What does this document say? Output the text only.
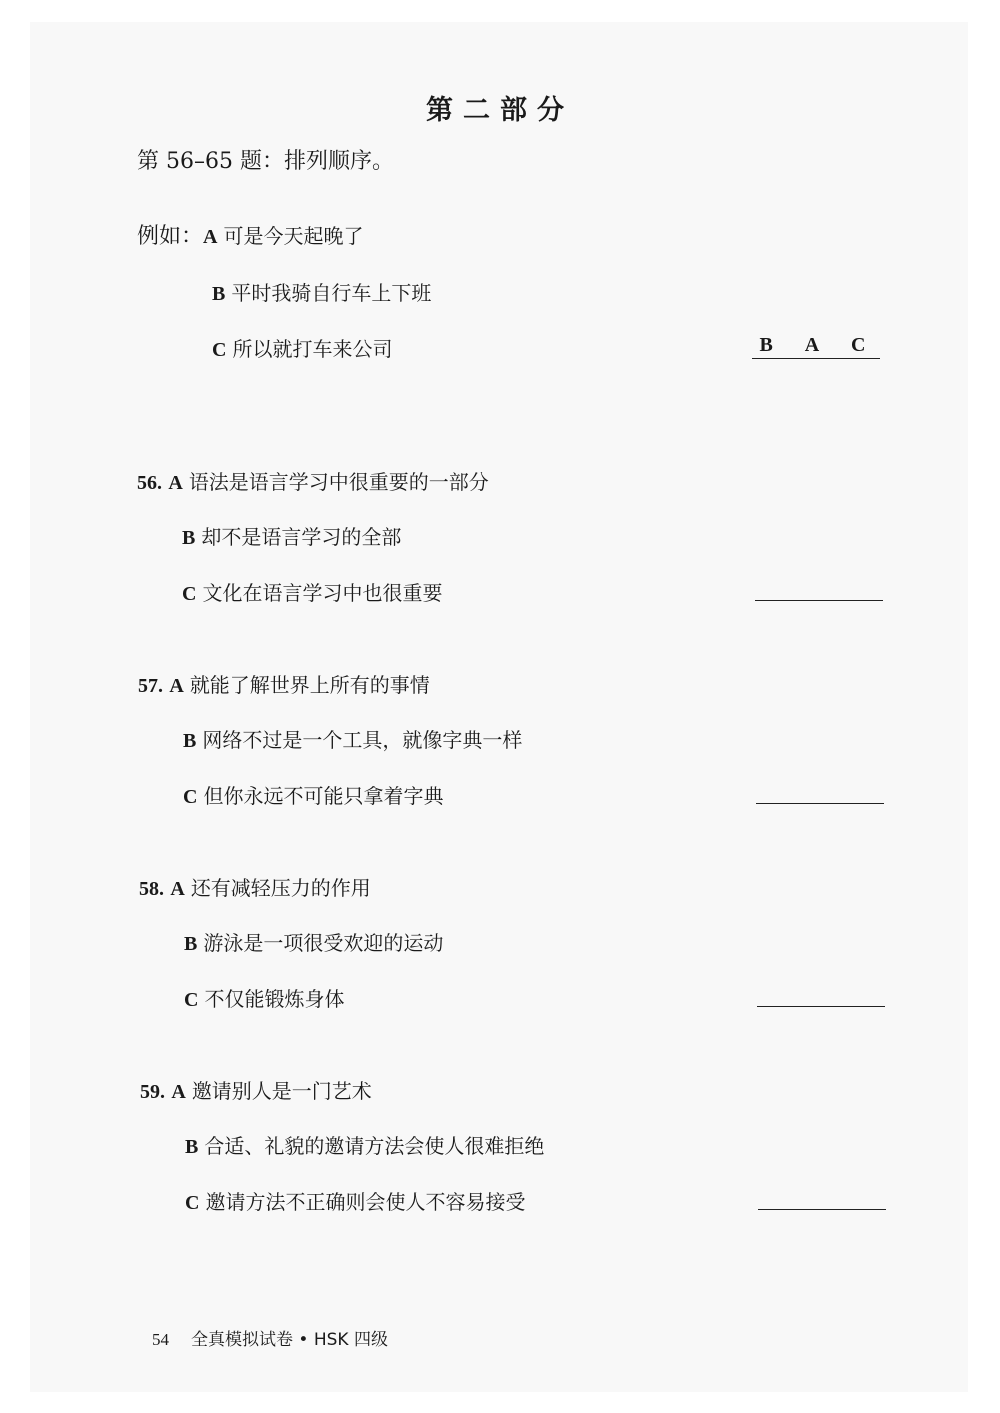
第二部分
第 56–65 题：排列顺序。
例如：A 可是今天起晚了
B 平时我骑自行车上下班
C 所以就打车来公司	B A C
56. A 语法是语言学习中很重要的一部分
B 却不是语言学习的全部
C 文化在语言学习中也很重要
57. A 就能了解世界上所有的事情
B 网络不过是一个工具，就像字典一样
C 但你永远不可能只拿着字典
58. A 还有减轻压力的作用
B 游泳是一项很受欢迎的运动
C 不仅能锻炼身体
59. A 邀请别人是一门艺术
B 合适、礼貌的邀请方法会使人很难拒绝
C 邀请方法不正确则会使人不容易接受
54 全真模拟试卷 • HSK 四级
